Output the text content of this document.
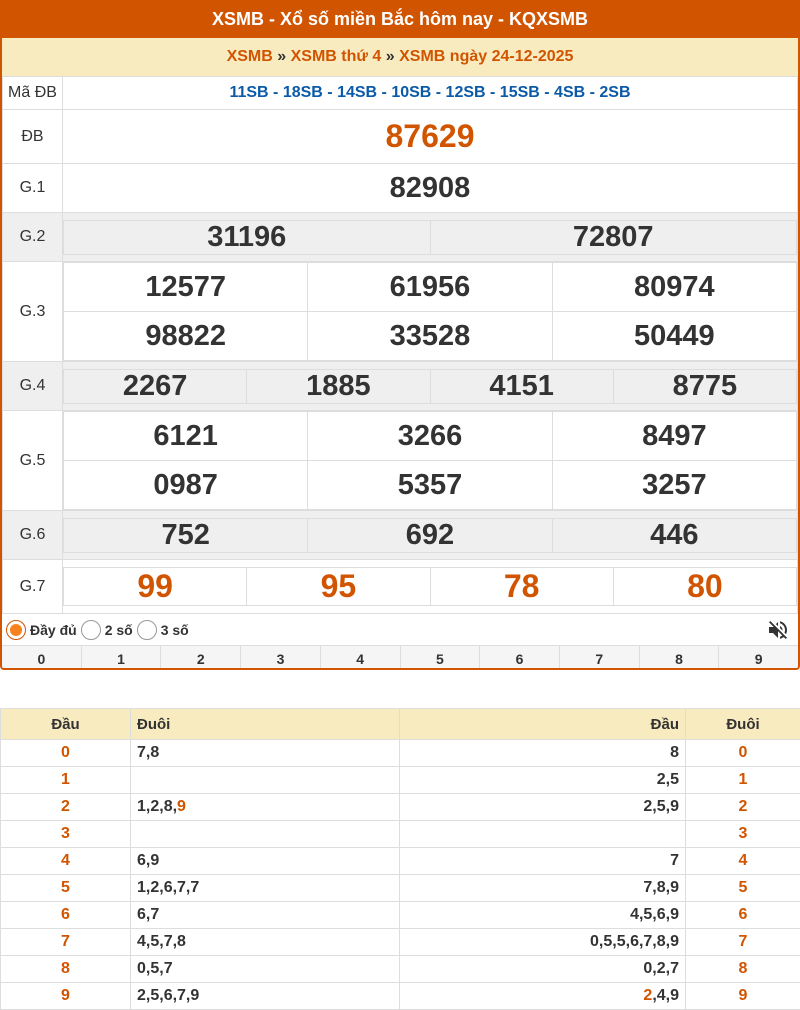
XSMB - Xổ số miền Bắc hôm nay - KQXSMB
XSMB » XSMB thứ 4 » XSMB ngày 24-12-2025
Mã ĐB	11SB - 18SB - 14SB - 10SB - 12SB - 15SB - 4SB - 2SB
ĐB	87629
G.1	82908
G.2		31196	72807

G.3	
12577	61956	80974
98822	33528	50449

G.4		2267	1885	4151	8775

G.5	
6121	3266	8497
0987	5357	3257

G.6		752	692	446

G.7		99	95	78	80
Đầy đủ 2 số 3 số
0	1	2	3	4	5	6	7	8	9
Đầu	Đuôi	Đầu	Đuôi
0	7,8	8	0
1		2,5	1
2	1,2,8,9	2,5,9	2
3			3
4	6,9	7	4
5	1,2,6,7,7	7,8,9	5
6	6,7	4,5,6,9	6
7	4,5,7,8	0,5,5,6,7,8,9	7
8	0,5,7	0,2,7	8
9	2,5,6,7,9	2,4,9	9
